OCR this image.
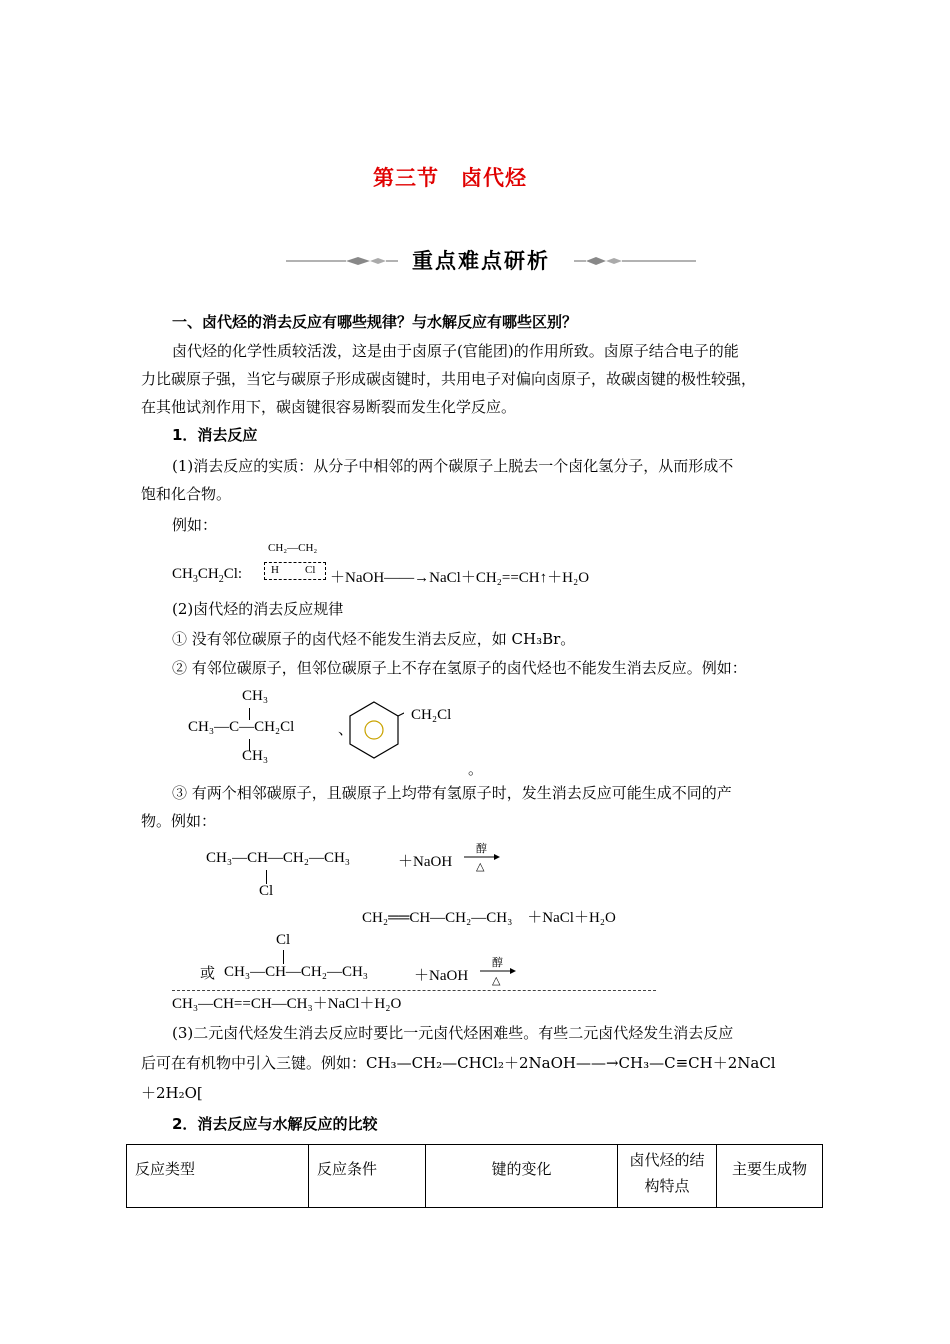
第三节　卤代烃
重点难点研析
一、卤代烃的消去反应有哪些规律？与水解反应有哪些区别？
卤代烃的化学性质较活泼，这是由于卤原子(官能团)的作用所致。卤原子结合电子的能
力比碳原子强，当它与碳原子形成碳卤键时，共用电子对偏向卤原子，故碳卤键的极性较强，
在其他试剂作用下，碳卤键很容易断裂而发生化学反应。
1．消去反应
(1)消去反应的实质：从分子中相邻的两个碳原子上脱去一个卤化氢分子，从而形成不
饱和化合物。
例如：
$CH_3CH_2Cl$:
CH₂—CH₂
H Cl ＋NaOH——→NaCl＋CH₂==CH↑＋H₂O
(2)卤代烃的消去反应规律
① 没有邻位碳原子的卤代烃不能发生消去反应，如 CH₃Br。
② 有邻位碳原子，但邻位碳原子上不存在氢原子的卤代烃也不能发生消去反应。例如：
CH₃
CH₃—C—CH₂Cl
CH₃
、
CH₂Cl
。
③ 有两个相邻碳原子，且碳原子上均带有氢原子时，发生消去反应可能生成不同的产
物。例如：
CH₃—CH—CH₂—CH₃
Cl
＋NaOH
醇
△
CH₂══CH—CH₂—CH₃　＋NaCl＋H₂O
或
Cl
CH₃—CH—CH₂—CH₃	＋NaOH
醇
△
CH₃—CH==CH—CH₃＋NaCl＋H₂O
(3)二元卤代烃发生消去反应时要比一元卤代烃困难些。有些二元卤代烃发生消去反应
后可在有机物中引入三键。例如：CH₃—CH₂—CHCl₂＋2NaOH——→CH₃—C≡CH＋2NaCl
＋2H₂O[
2．消去反应与水解反应的比较
反应类型	反应条件	键的变化	卤代烃的结构特点	主要生成物
